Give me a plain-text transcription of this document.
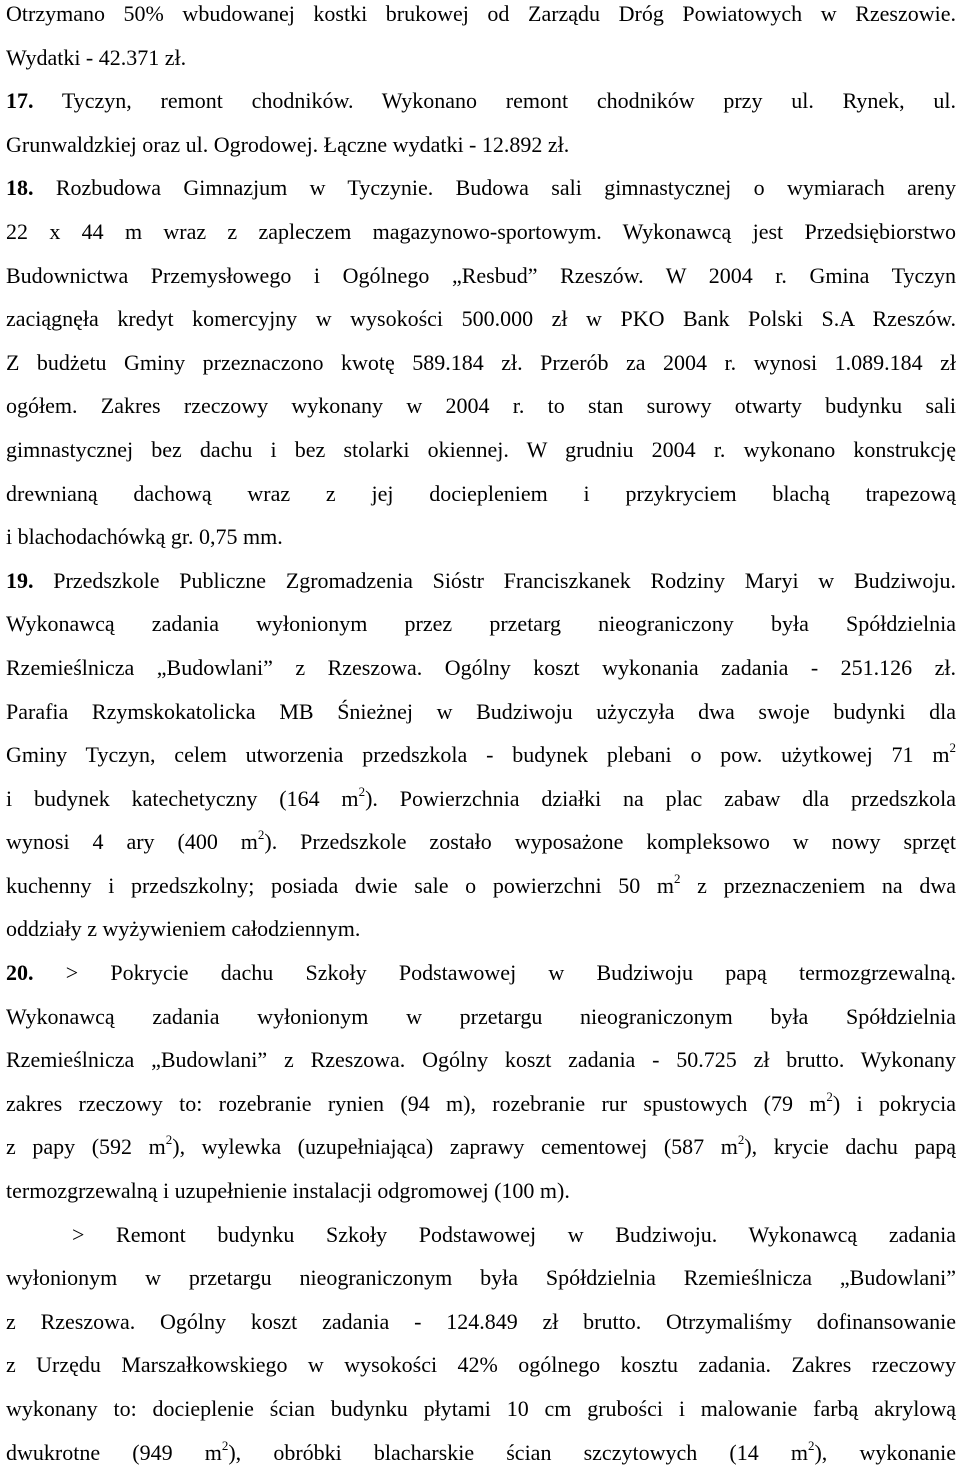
Otrzymano 50% wbudowanej kostki brukowej od Zarządu Dróg Powiatowych w Rzeszowie.
Wydatki - 42.371 zł.
17. Tyczyn, remont chodników. Wykonano remont chodników przy ul. Rynek, ul.
Grunwaldzkiej oraz ul. Ogrodowej. Łączne wydatki - 12.892 zł.
18. Rozbudowa Gimnazjum w Tyczynie. Budowa sali gimnastycznej o wymiarach areny
22 x 44 m wraz z zapleczem magazynowo-sportowym. Wykonawcą jest Przedsiębiorstwo
Budownictwa Przemysłowego i Ogólnego „Resbud” Rzeszów. W 2004 r. Gmina Tyczyn
zaciągnęła kredyt komercyjny w wysokości 500.000 zł w PKO Bank Polski S.A Rzeszów.
Z budżetu Gminy przeznaczono kwotę 589.184 zł. Przerób za 2004 r. wynosi 1.089.184 zł
ogółem. Zakres rzeczowy wykonany w 2004 r. to stan surowy otwarty budynku sali
gimnastycznej bez dachu i bez stolarki okiennej. W grudniu 2004 r. wykonano konstrukcję
drewnianą dachową wraz z jej dociepleniem i przykryciem blachą trapezową
i blachodachówką gr. 0,75 mm.
19. Przedszkole Publiczne Zgromadzenia Sióstr Franciszkanek Rodziny Maryi w Budziwoju.
Wykonawcą zadania wyłonionym przez przetarg nieograniczony była Spółdzielnia
Rzemieślnicza „Budowlani” z Rzeszowa. Ogólny koszt wykonania zadania - 251.126 zł.
Parafia Rzymskokatolicka MB Śnieżnej w Budziwoju użyczyła dwa swoje budynki dla
Gminy Tyczyn, celem utworzenia przedszkola - budynek plebani o pow. użytkowej 71 $m^2$
i budynek katechetyczny (164 $m^2$). Powierzchnia działki na plac zabaw dla przedszkola
wynosi 4 ary (400 $m^2$). Przedszkole zostało wyposażone kompleksowo w nowy sprzęt
kuchenny i przedszkolny; posiada dwie sale o powierzchni 50 $m^2$ z przeznaczeniem na dwa
oddziały z wyżywieniem całodziennym.
20. > Pokrycie dachu Szkoły Podstawowej w Budziwoju papą termozgrzewalną.
Wykonawcą zadania wyłonionym w przetargu nieograniczonym była Spółdzielnia
Rzemieślnicza „Budowlani” z Rzeszowa. Ogólny koszt zadania - 50.725 zł brutto. Wykonany
zakres rzeczowy to: rozebranie rynien (94 m), rozebranie rur spustowych (79 $m^2$) i pokrycia
z papy (592 $m^2$), wylewka (uzupełniająca) zaprawy cementowej (587 $m^2$), krycie dachu papą
termozgrzewalną i uzupełnienie instalacji odgromowej (100 m).
> Remont budynku Szkoły Podstawowej w Budziwoju. Wykonawcą zadania
wyłonionym w przetargu nieograniczonym była Spółdzielnia Rzemieślnicza „Budowlani”
z Rzeszowa. Ogólny koszt zadania - 124.849 zł brutto. Otrzymaliśmy dofinansowanie
z Urzędu Marszałkowskiego w wysokości 42% ogólnego kosztu zadania. Zakres rzeczowy
wykonany to: docieplenie ścian budynku płytami 10 cm grubości i malowanie farbą akrylową
dwukrotne (949 $m^2$), obróbki blacharskie ścian szczytowych (14 $m^2$), wykonanie
